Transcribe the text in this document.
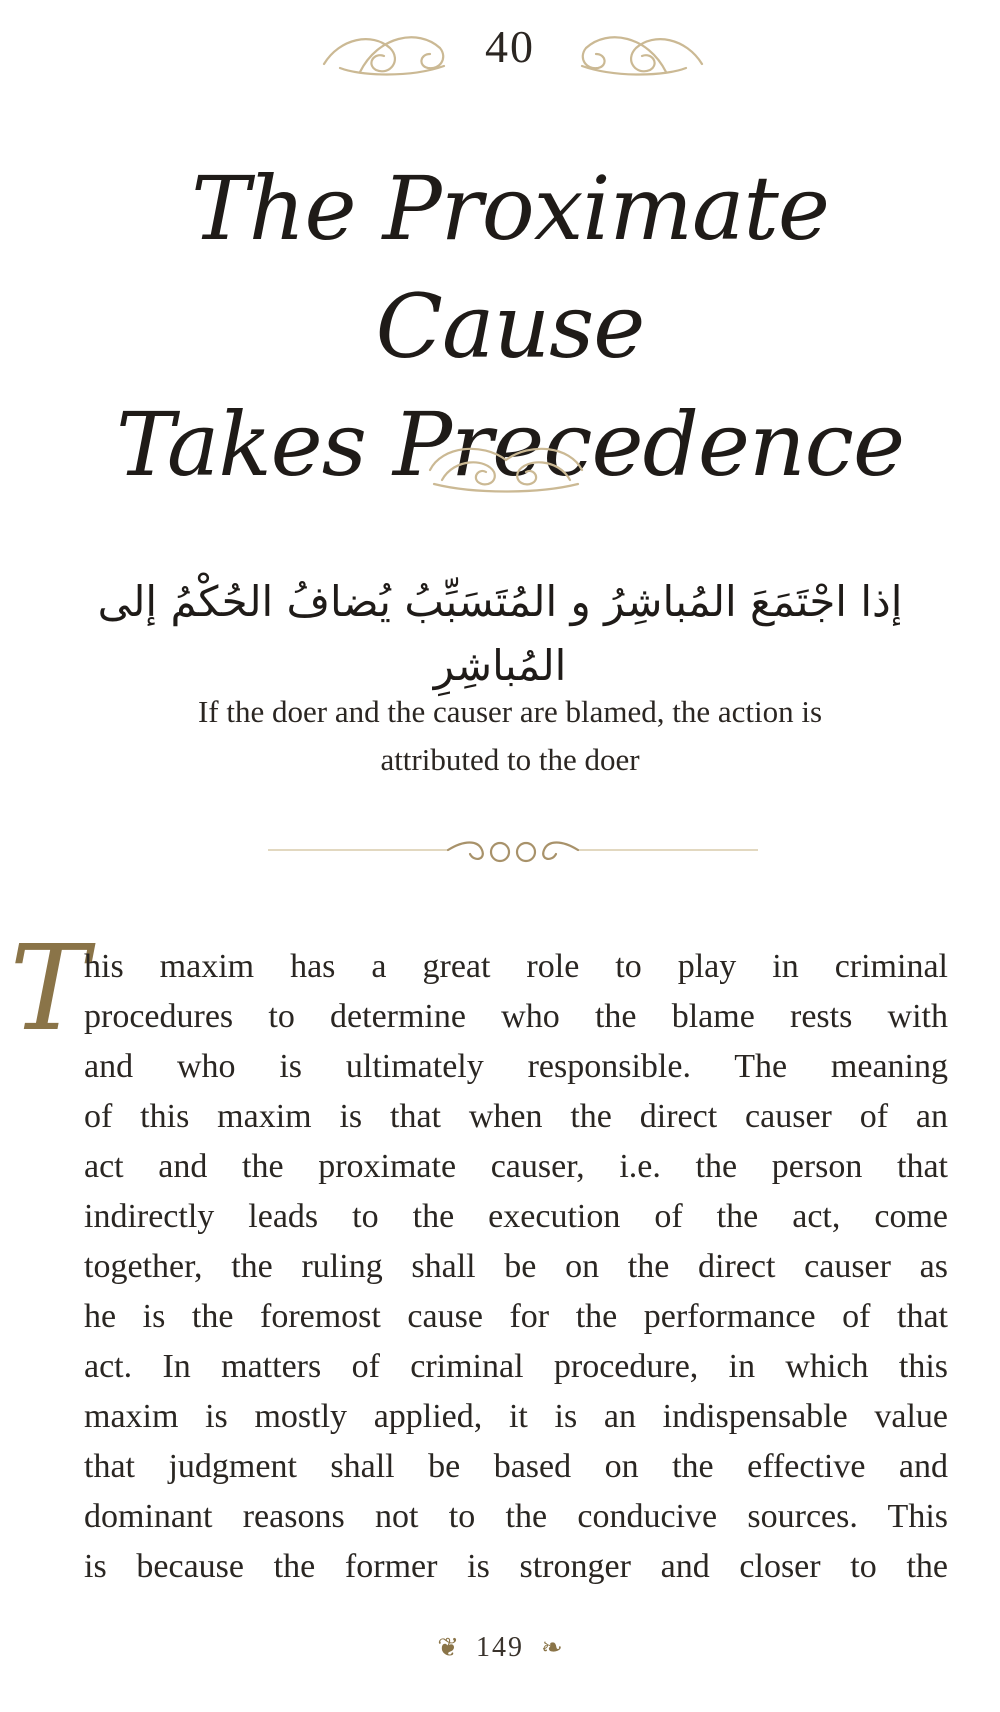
40
The Proximate Cause
Takes Precedence
إذا اجْتَمَعَ المُباشِرُ و المُتَسَبِّبُ يُضافُ الحُكْمُ إلى المُباشِرِ
If the doer and the causer are blamed, the action is
attributed to the doer
T
his maxim has a great role to play in criminal
procedures to determine who the blame rests with
and who is ultimately responsible. The meaning
of this maxim is that when the direct causer of an
act and the proximate causer, i.e. the person that
indirectly leads to the execution of the act, come
together, the ruling shall be on the direct causer as
he is the foremost cause for the performance of that
act. In matters of criminal procedure, in which this
maxim is mostly applied, it is an indispensable value
that judgment shall be based on the effective and
dominant reasons not to the conducive sources. This
is because the former is stronger and closer to the
❦ 149 ❧
